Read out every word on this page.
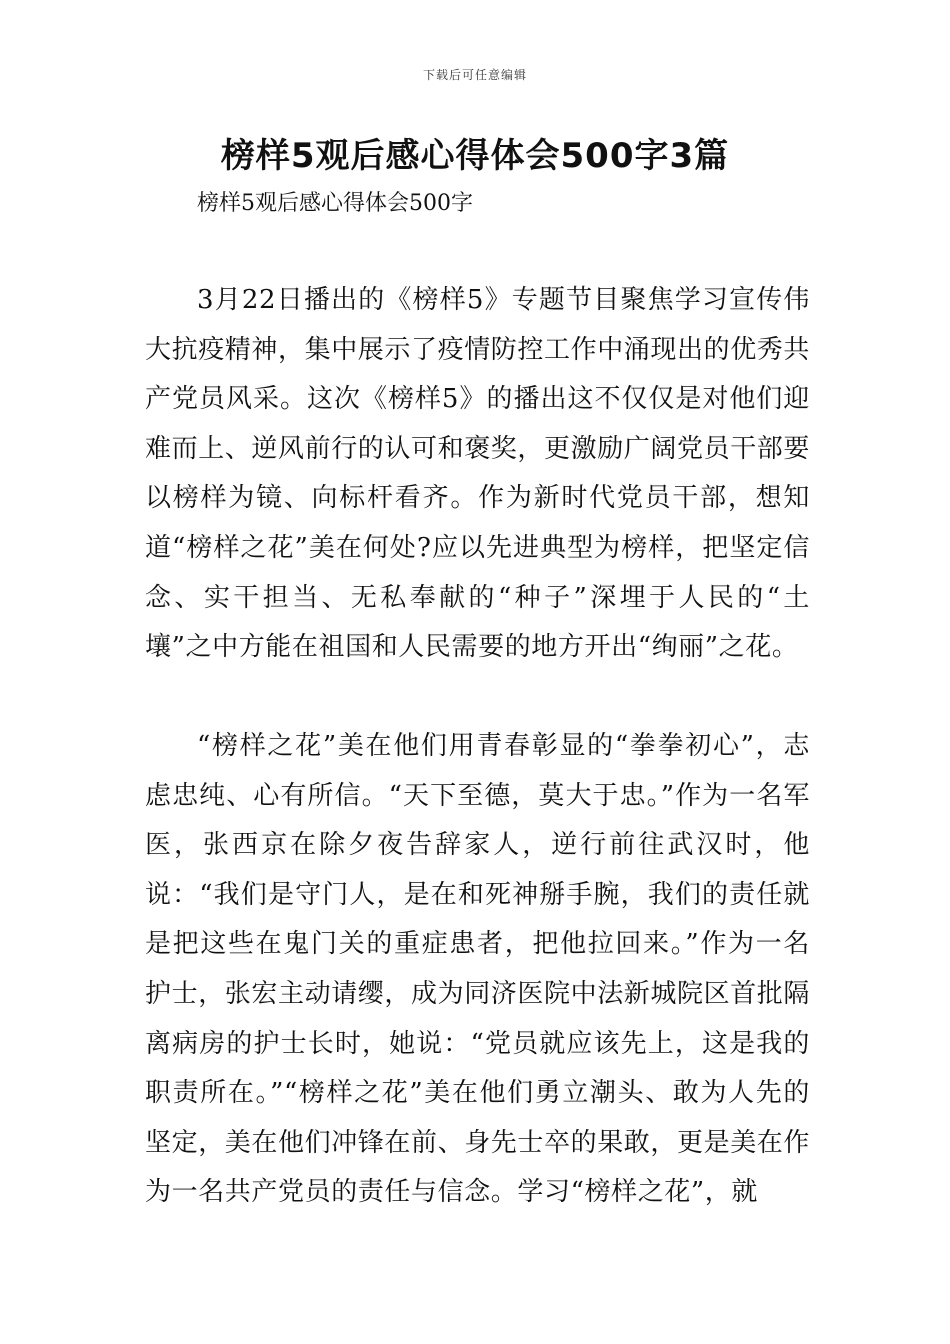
下载后可任意编辑
榜样5观后感心得体会500字3篇

榜样5观后感心得体会500字

3月22日播出的《榜样5》专题节目聚焦学习宣传伟大抗疫精神，集中展示了疫情防控工作中涌现出的优秀共产党员风采。这次《榜样5》的播出这不仅仅是对他们迎难而上、逆风前行的认可和褒奖，更激励广阔党员干部要以榜样为镜、向标杆看齐。作为新时代党员干部，想知道“榜样之花”美在何处?应以先进典型为榜样，把坚定信念、实干担当、无私奉献的“种子”深埋于人民的“土壤”之中方能在祖国和人民需要的地方开出“绚丽”之花。

“榜样之花”美在他们用青春彰显的“拳拳初心”，志虑忠纯、心有所信。“天下至德，莫大于忠。”作为一名军医，张西京在除夕夜告辞家人，逆行前往武汉时，他说：“我们是守门人，是在和死神掰手腕，我们的责任就是把这些在鬼门关的重症患者，把他拉回来。”作为一名护士，张宏主动请缨，成为同济医院中法新城院区首批隔离病房的护士长时，她说：“党员就应该先上，这是我的职责所在。”“榜样之花”美在他们勇立潮头、敢为人先的坚定，美在他们冲锋在前、身先士卒的果敢，更是美在作为一名共产党员的责任与信念。学习“榜样之花”，就
